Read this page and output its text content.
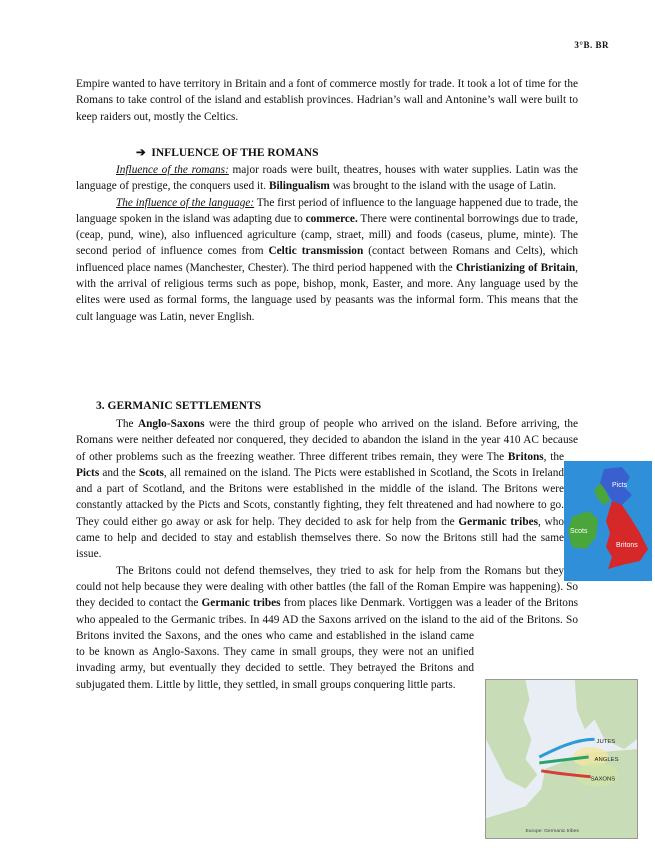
3°B. BR

Empire wanted to have territory in Britain and a font of commerce mostly for trade. It took a lot of time for the Romans to take control of the island and establish provinces. Hadrian’s wall and Antonine’s wall were built to keep raiders out, mostly the Celtics.

➔ INFLUENCE OF THE ROMANS

Influence of the romans: major roads were built, theatres, houses with water supplies. Latin was the language of prestige, the conquers used it. Bilingualism was brought to the island with the usage of Latin.

The influence of the language: The first period of influence to the language happened due to trade, the language spoken in the island was adapting due to commerce. There were continental borrowings due to trade, (ceap, pund, wine), also influenced agriculture (camp, straet, mill) and foods (caseus, plume, minte). The second period of influence comes from Celtic transmission (contact between Romans and Celts), which influenced place names (Manchester, Chester). The third period happened with the Christianizing of Britain, with the arrival of religious terms such as pope, bishop, monk, Easter, and more. Any language used by the elites were used as formal forms, the language used by peasants was the informal form. This means that the cult language was Latin, never English.

3. GERMANIC SETTLEMENTS

The Anglo-Saxons were the third group of people who arrived on the island. Before arriving, the Romans were neither defeated nor conquered, they decided to abandon the island in the year 410 AC because of other problems such as the freezing weather. Three different tribes remain, they were The Britons, the Picts and the Scots, all remained on the island. The Picts were established in Scotland, the Scots in Ireland and a part of Scotland, and the Britons were established in the middle of the island. The Britons were constantly attacked by the Picts and Scots, constantly fighting, they felt threatened and had nowhere to go. They could either go away or ask for help. They decided to ask for help from the Germanic tribes, who came to help and decided to stay and establish themselves there. So now the Britons still had the same issue.

The Britons could not defend themselves, they tried to ask for help from the Romans but they could not help because they were dealing with other battles (the fall of the Roman Empire was happening). So they decided to contact the Germanic tribes from places like Denmark. Vortiggen was a leader of the Britons who appealed to the Germanic tribes. In 449 AD the Saxons arrived on the island to the aid of the Britons. So Britons invited the Saxons, and the ones who came and established in the island came to be known as Anglo-Saxons. They came in small groups, they were not an unified invading army, but eventually they decided to settle. They betrayed the Britons and subjugated them. Little by little, they settled, in small groups conquering little parts.

Picts
Scots
Britons
JUTES
ANGLES
SAXONS
Europe: Germanic tribes
